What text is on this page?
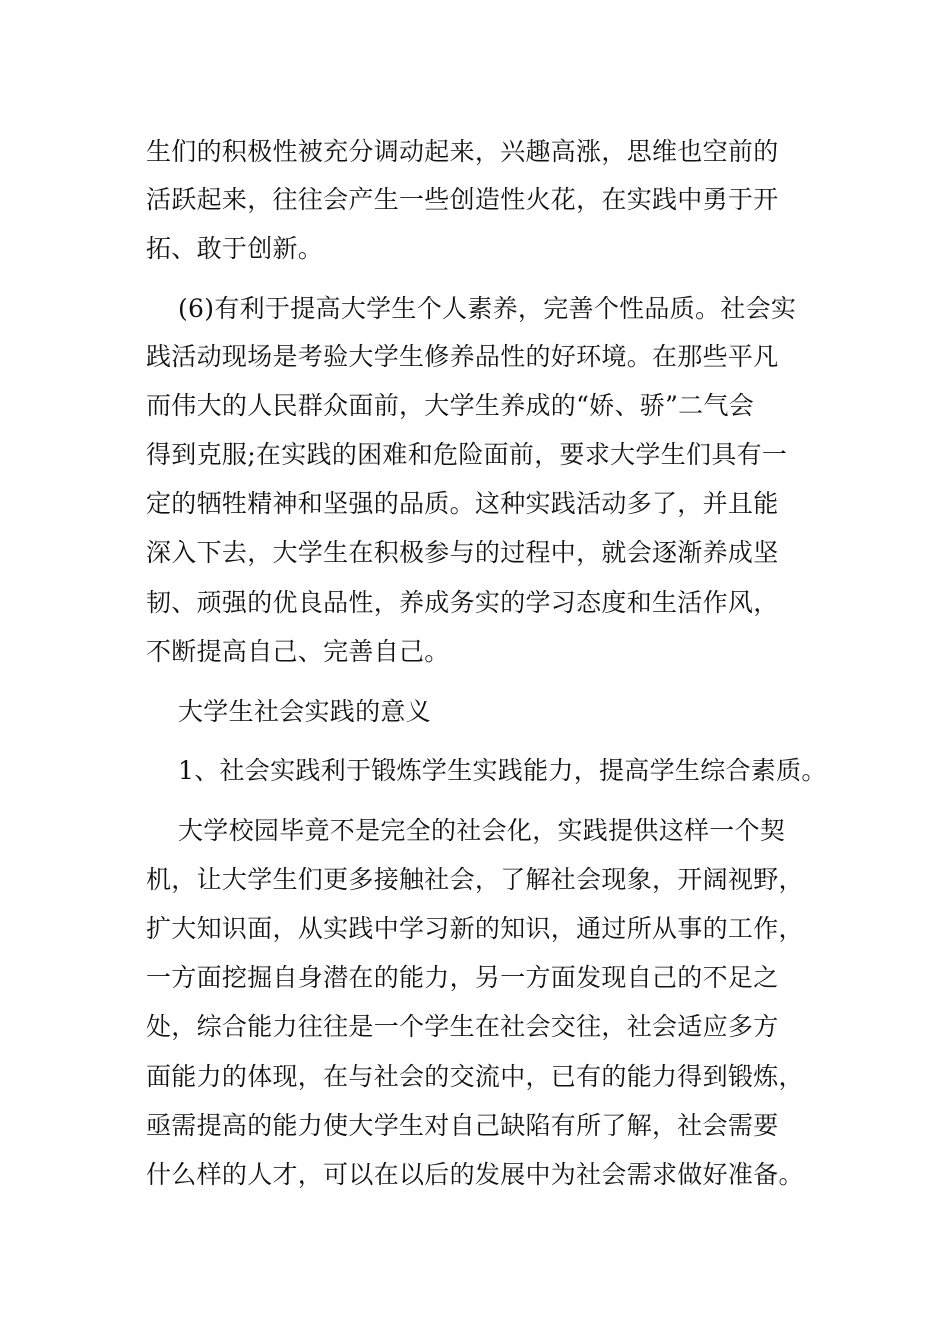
生们的积极性被充分调动起来，兴趣高涨，思维也空前的
活跃起来，往往会产生一些创造性火花，在实践中勇于开
拓、敢于创新。
(6)有利于提高大学生个人素养，完善个性品质。社会实
践活动现场是考验大学生修养品性的好环境。在那些平凡
而伟大的人民群众面前，大学生养成的“娇、骄”二气会
得到克服;在实践的困难和危险面前，要求大学生们具有一
定的牺牲精神和坚强的品质。这种实践活动多了，并且能
深入下去，大学生在积极参与的过程中，就会逐渐养成坚
韧、顽强的优良品性，养成务实的学习态度和生活作风，
不断提高自己、完善自己。
大学生社会实践的意义
1、社会实践利于锻炼学生实践能力，提高学生综合素质。
大学校园毕竟不是完全的社会化，实践提供这样一个契
机，让大学生们更多接触社会，了解社会现象，开阔视野，
扩大知识面，从实践中学习新的知识，通过所从事的工作，
一方面挖掘自身潜在的能力，另一方面发现自己的不足之
处，综合能力往往是一个学生在社会交往，社会适应多方
面能力的体现，在与社会的交流中，已有的能力得到锻炼，
亟需提高的能力使大学生对自己缺陷有所了解，社会需要
什么样的人才，可以在以后的发展中为社会需求做好准备。
